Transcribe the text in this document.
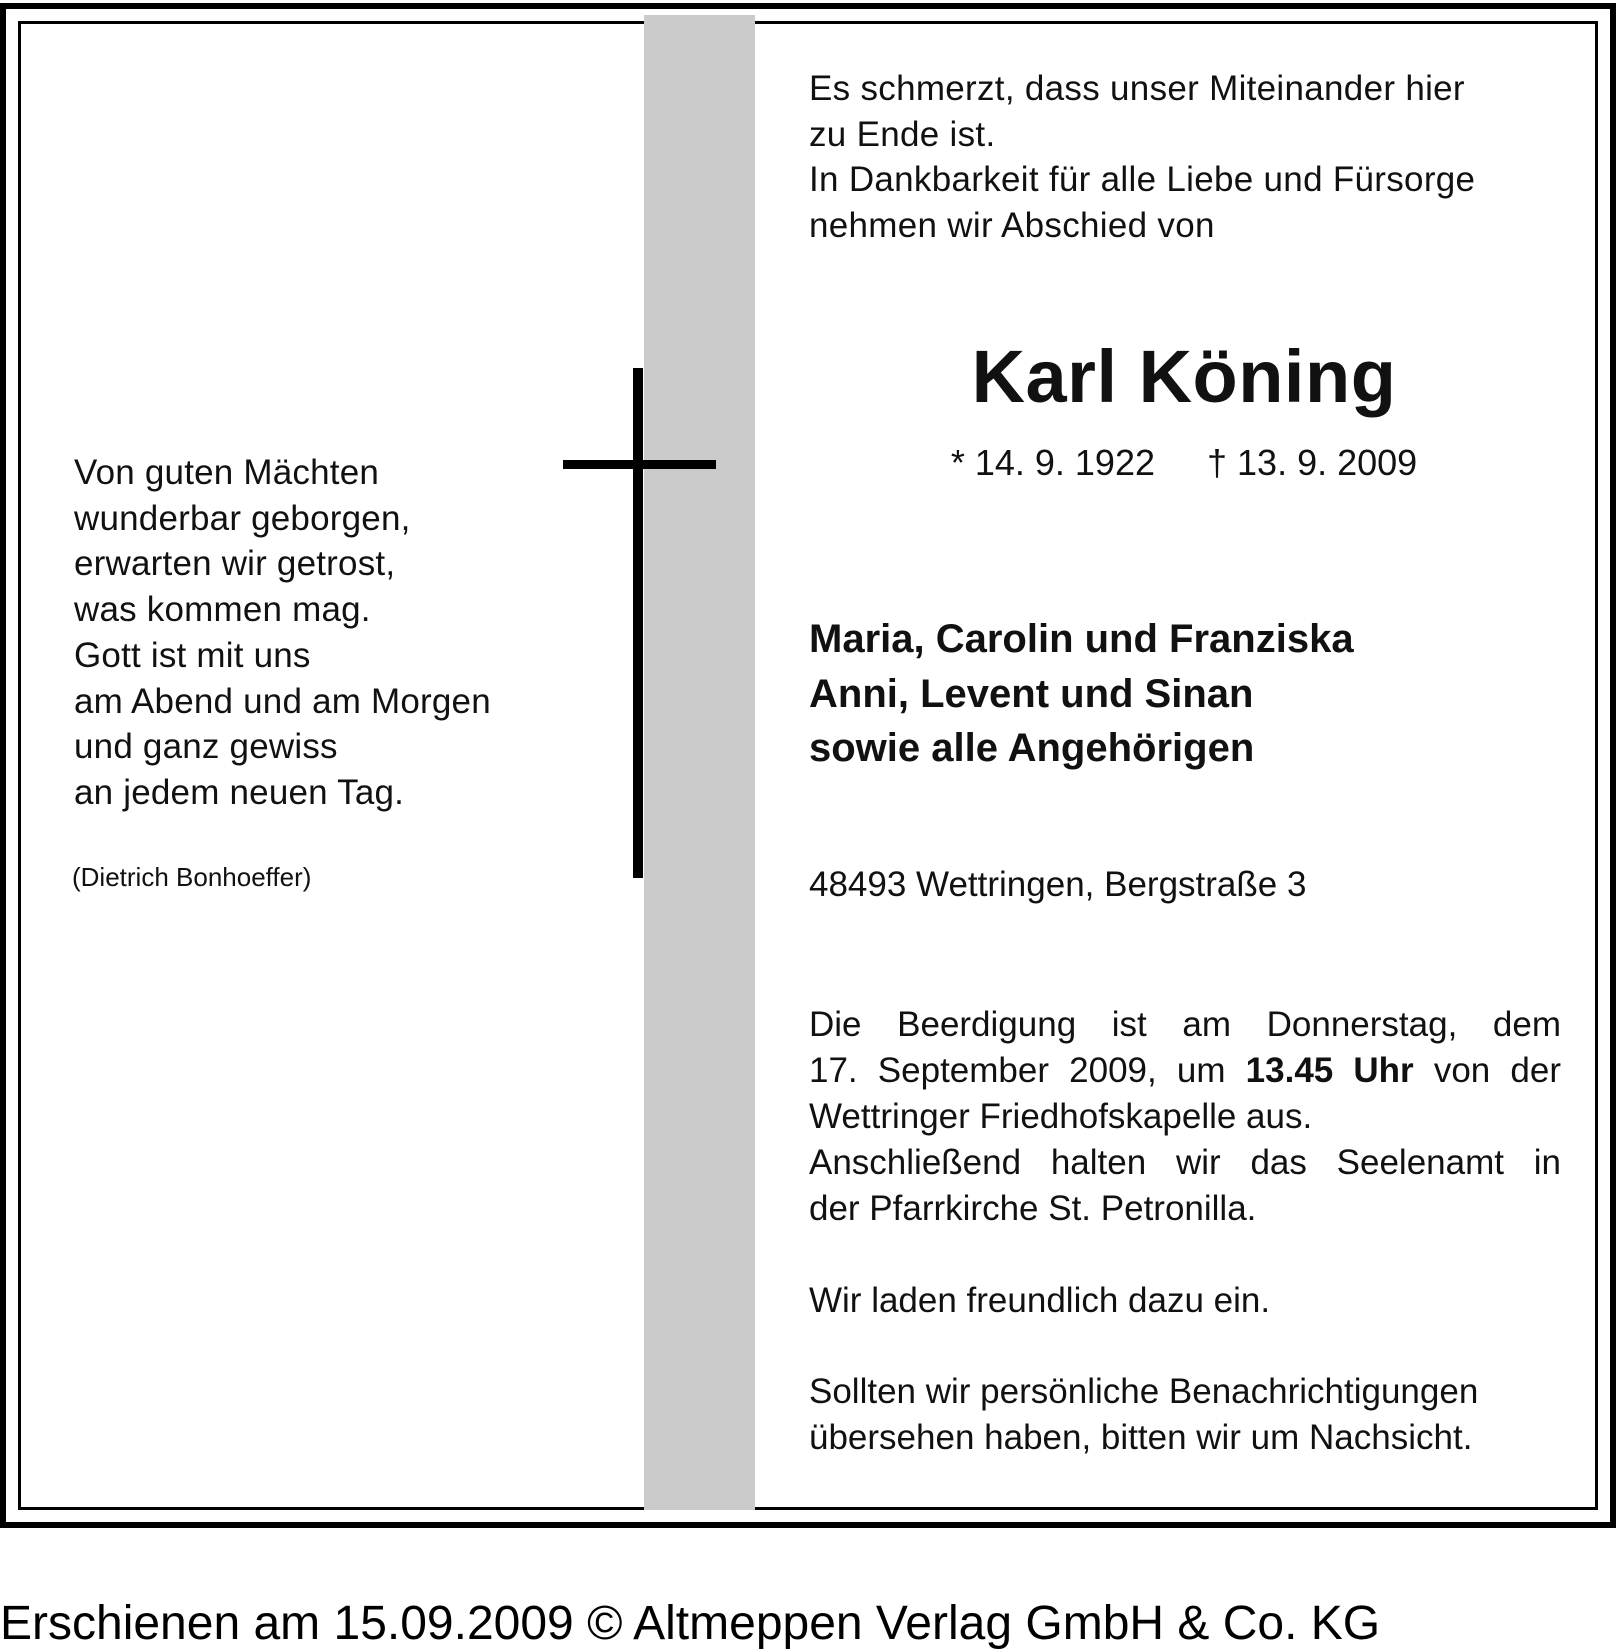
Von guten Mächten
wunderbar geborgen,
erwarten wir getrost,
was kommen mag.
Gott ist mit uns
am Abend und am Morgen
und ganz gewiss
an jedem neuen Tag.
(Dietrich Bonhoeffer)
Es schmerzt, dass unser Miteinander hier
zu Ende ist.
In Dankbarkeit für alle Liebe und Fürsorge
nehmen wir Abschied von
Karl Köning
* 14. 9. 1922 † 13. 9. 2009
Maria, Carolin und Franziska
Anni, Levent und Sinan
sowie alle Angehörigen
48493 Wettringen, Bergstraße 3
Die Beerdigung ist am Donnerstag, dem
17. September 2009, um 13.45 Uhr von der
Wettringer Friedhofskapelle aus.
Anschließend halten wir das Seelenamt in
der Pfarrkirche St. Petronilla.
Wir laden freundlich dazu ein.
Sollten wir persönliche Benachrichtigungen
übersehen haben, bitten wir um Nachsicht.
Erschienen am 15.09.2009 © Altmeppen Verlag GmbH & Co. KG
